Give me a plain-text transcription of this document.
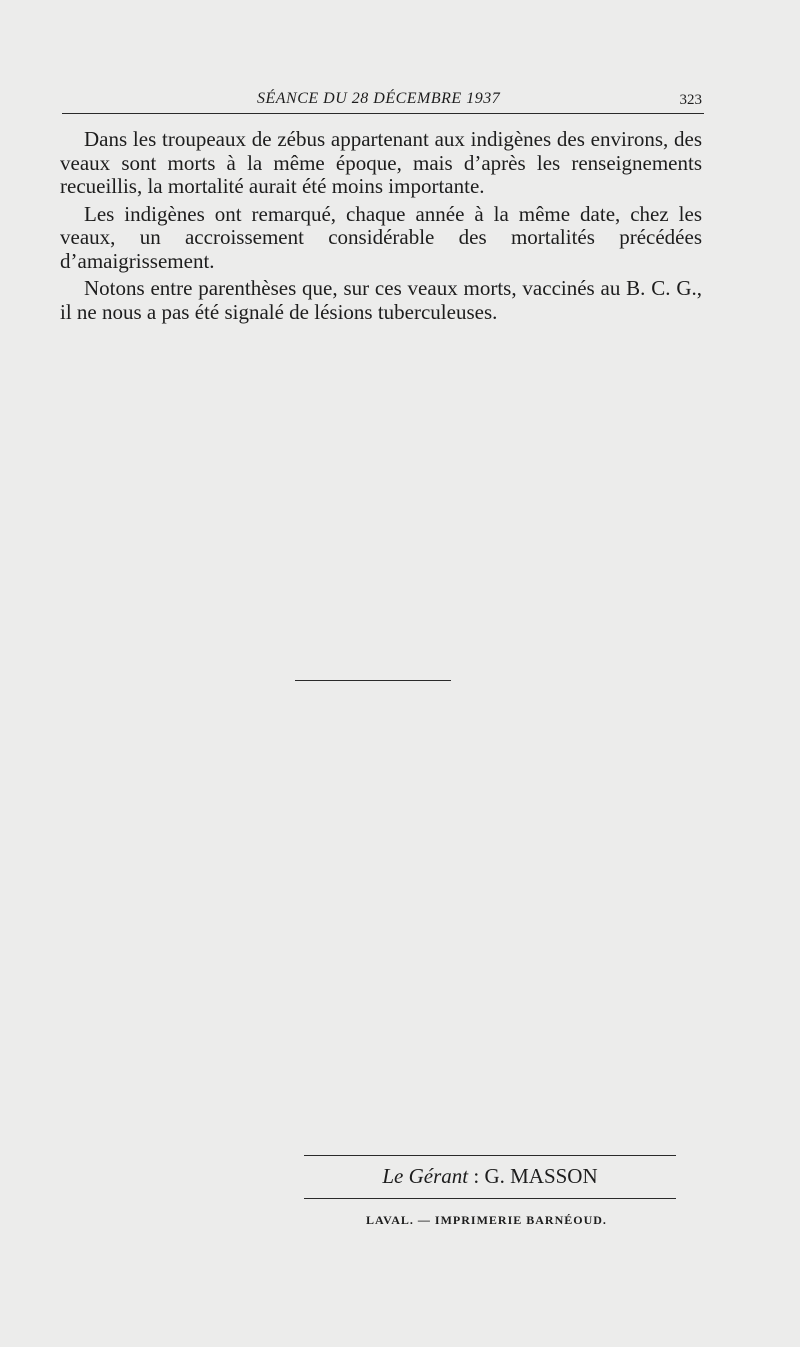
SÉANCE DU 28 DÉCEMBRE 1937	323

Dans les troupeaux de zébus appartenant aux indigènes des environs, des veaux sont morts à la même époque, mais d’après les renseignements recueillis, la mortalité aurait été moins importante.

Les indigènes ont remarqué, chaque année à la même date, chez les veaux, un accroissement considérable des mortalités précédées d’amaigrissement.

Notons entre parenthèses que, sur ces veaux morts, vaccinés au B. C. G., il ne nous a pas été signalé de lésions tuberculeuses.

Le Gérant : G. MASSON
LAVAL. — IMPRIMERIE BARNÉOUD.
